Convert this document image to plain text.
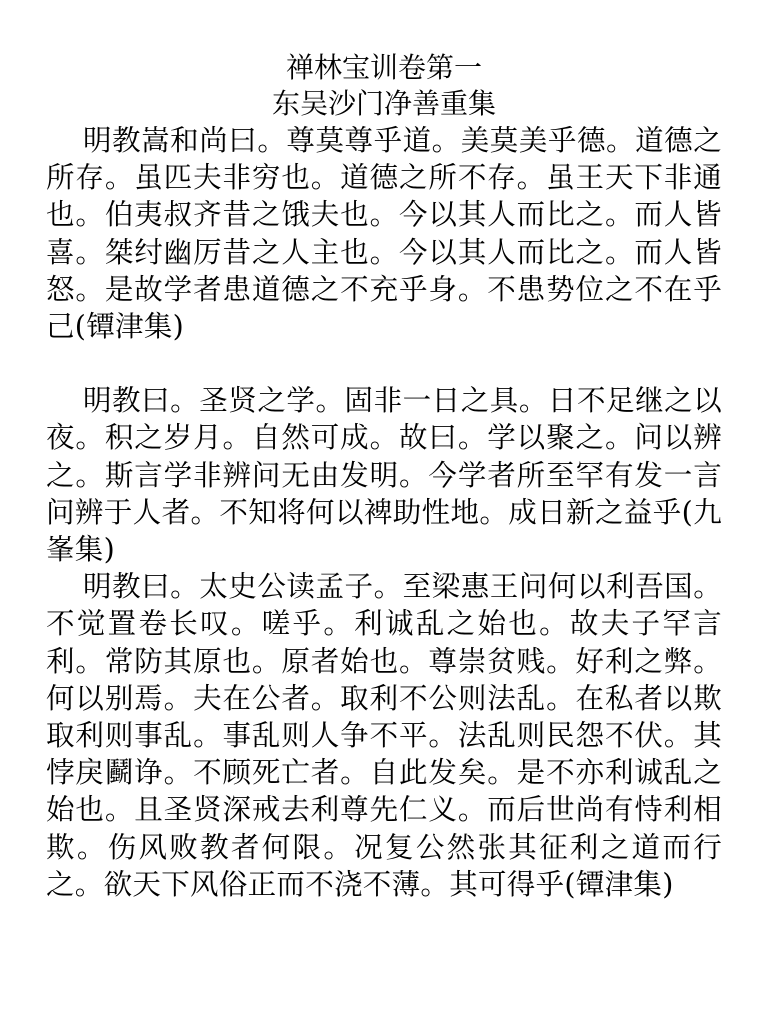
禅林宝训卷第一
东吴沙门净善重集

明教嵩和尚曰。尊莫尊乎道。美莫美乎德。道德之所存。虽匹夫非穷也。道德之所不存。虽王天下非通也。伯夷叔齐昔之饿夫也。今以其人而比之。而人皆喜。桀纣幽厉昔之人主也。今以其人而比之。而人皆怒。是故学者患道德之不充乎身。不患势位之不在乎己(镡津集)

明教曰。圣贤之学。固非一日之具。日不足继之以夜。积之岁月。自然可成。故曰。学以聚之。问以辨之。斯言学非辨问无由发明。今学者所至罕有发一言问辨于人者。不知将何以裨助性地。成日新之益乎(九峯集)

明教曰。太史公读孟子。至梁惠王问何以利吾国。不觉置卷长叹。嗟乎。利诚乱之始也。故夫子罕言利。常防其原也。原者始也。尊崇贫贱。好利之弊。何以别焉。夫在公者。取利不公则法乱。在私者以欺取利则事乱。事乱则人争不平。法乱则民怨不伏。其悖戾鬬诤。不顾死亡者。自此发矣。是不亦利诚乱之始也。且圣贤深戒去利尊先仁义。而后世尚有恃利相欺。伤风败教者何限。况复公然张其征利之道而行之。欲天下风俗正而不浇不薄。其可得乎(镡津集)
